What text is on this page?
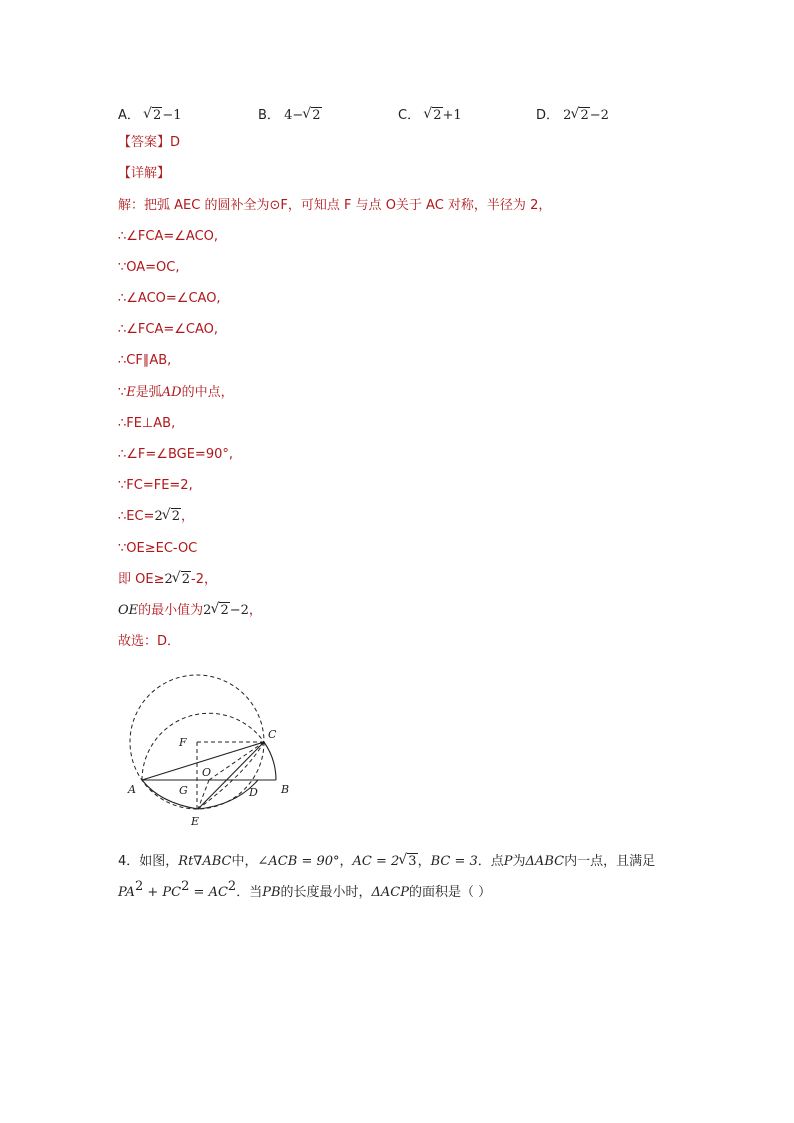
A． √ 2−1	B． 4− √ 2	C． √ 2+1	D． 2 √ 2−2
【答案】D
【详解】
解：把弧 AEC 的圆补全为⊙F，可知点 F 与点 O关于 AC 对称，半径为 2，
∴∠FCA=∠ACO,
∵OA=OC,
∴∠ACO=∠CAO,
∴∠FCA=∠CAO,
∴CF∥AB,
∵E是弧AD的中点，
∴FE⊥AB,
∴∠F=∠BGE=90°,
∵FC=FE=2,
∴EC=2 √ 2，
∵OE≥EC-OC
即 OE≥2 √ 2-2，
OE的最小值为2 √ 2−2，
故选：D．
A	B
C
D
E
F
G
O
4．如图，Rt∇ABC中，∠ACB = 90°，AC = 2 √ 3，BC = 3．点P为ΔABC内一点，且满足
$PA^2 + PC^2 = AC^2$．当PB的长度最小时，ΔACP的面积是（ ）
